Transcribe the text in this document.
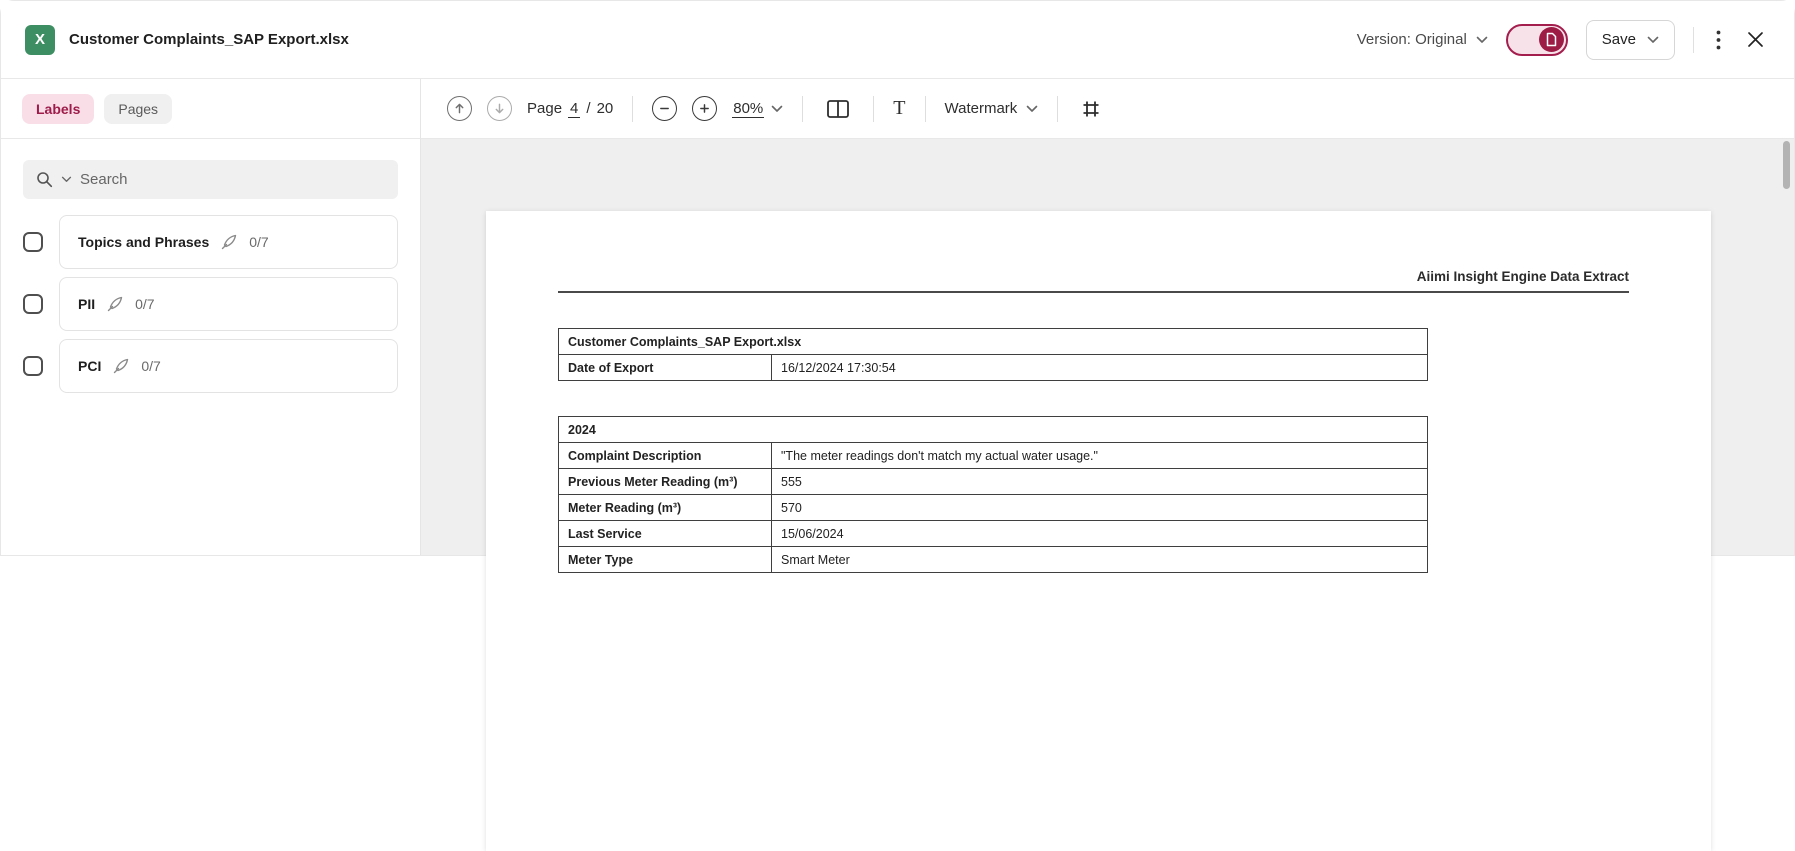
X	Customer Complaints_SAP Export.xlsx	Version: Original	Save
Labels	Pages
Search
Topics and Phrases	0/7
PII	0/7
PCI	0/7
Page 4 / 20	80%	T	Watermark
Aiimi Insight Engine Data Extract
Customer Complaints_SAP Export.xlsx
Date of Export	16/12/2024 17:30:54
2024	
Complaint Description	"The meter readings don't match my actual water usage."
Previous Meter Reading (m³)	555
Meter Reading (m³)	570
Last Service	15/06/2024
Meter Type	Smart Meter
